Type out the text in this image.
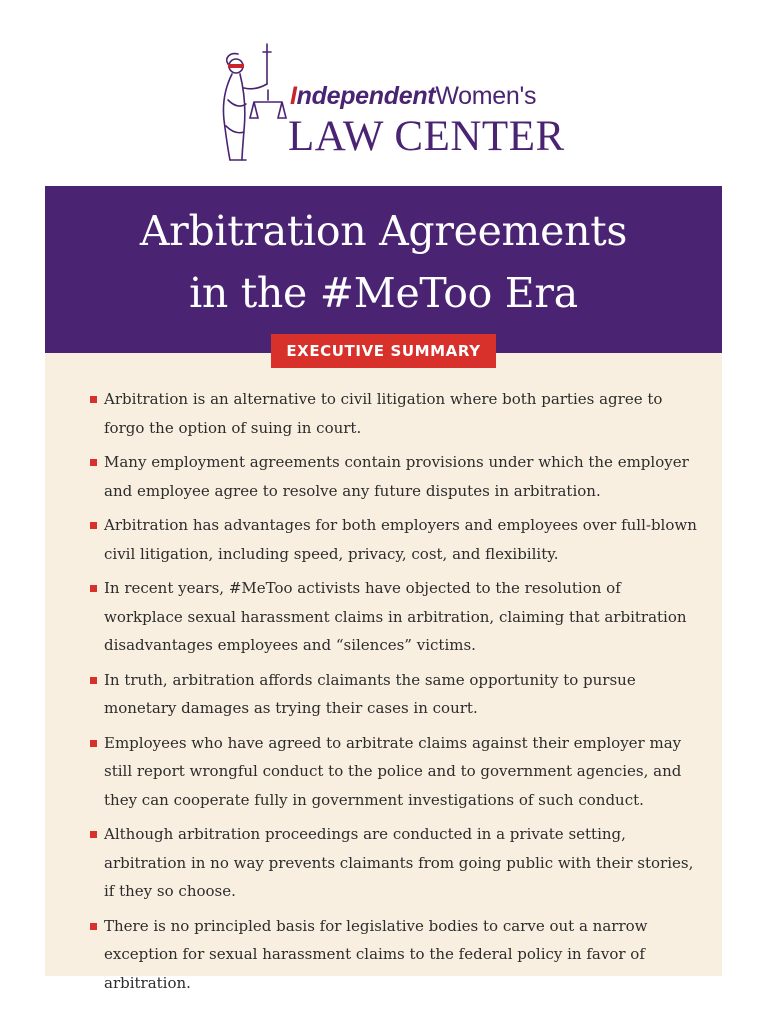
IndependentWomen's
LAW CENTER
Arbitration Agreements
in the #MeToo Era
EXECUTIVE SUMMARY
Arbitration is an alternative to civil litigation where both parties agree to forgo the option of suing in court.
Many employment agreements contain provisions under which the employer and employee agree to resolve any future disputes in arbitration.
Arbitration has advantages for both employers and employees over full-blown civil litigation, including speed, privacy, cost, and flexibility.
In recent years, #MeToo activists have objected to the resolution of workplace sexual harassment claims in arbitration, claiming that arbitration disadvantages employees and “silences” victims.
In truth, arbitration affords claimants the same opportunity to pursue monetary damages as trying their cases in court.
Employees who have agreed to arbitrate claims against their employer may still report wrongful conduct to the police and to government agencies, and they can cooperate fully in government investigations of such conduct.
Although arbitration proceedings are conducted in a private setting, arbitration in no way prevents claimants from going public with their stories, if they so choose.
There is no principled basis for legislative bodies to carve out a narrow exception for sexual harassment claims to the federal policy in favor of arbitration.
